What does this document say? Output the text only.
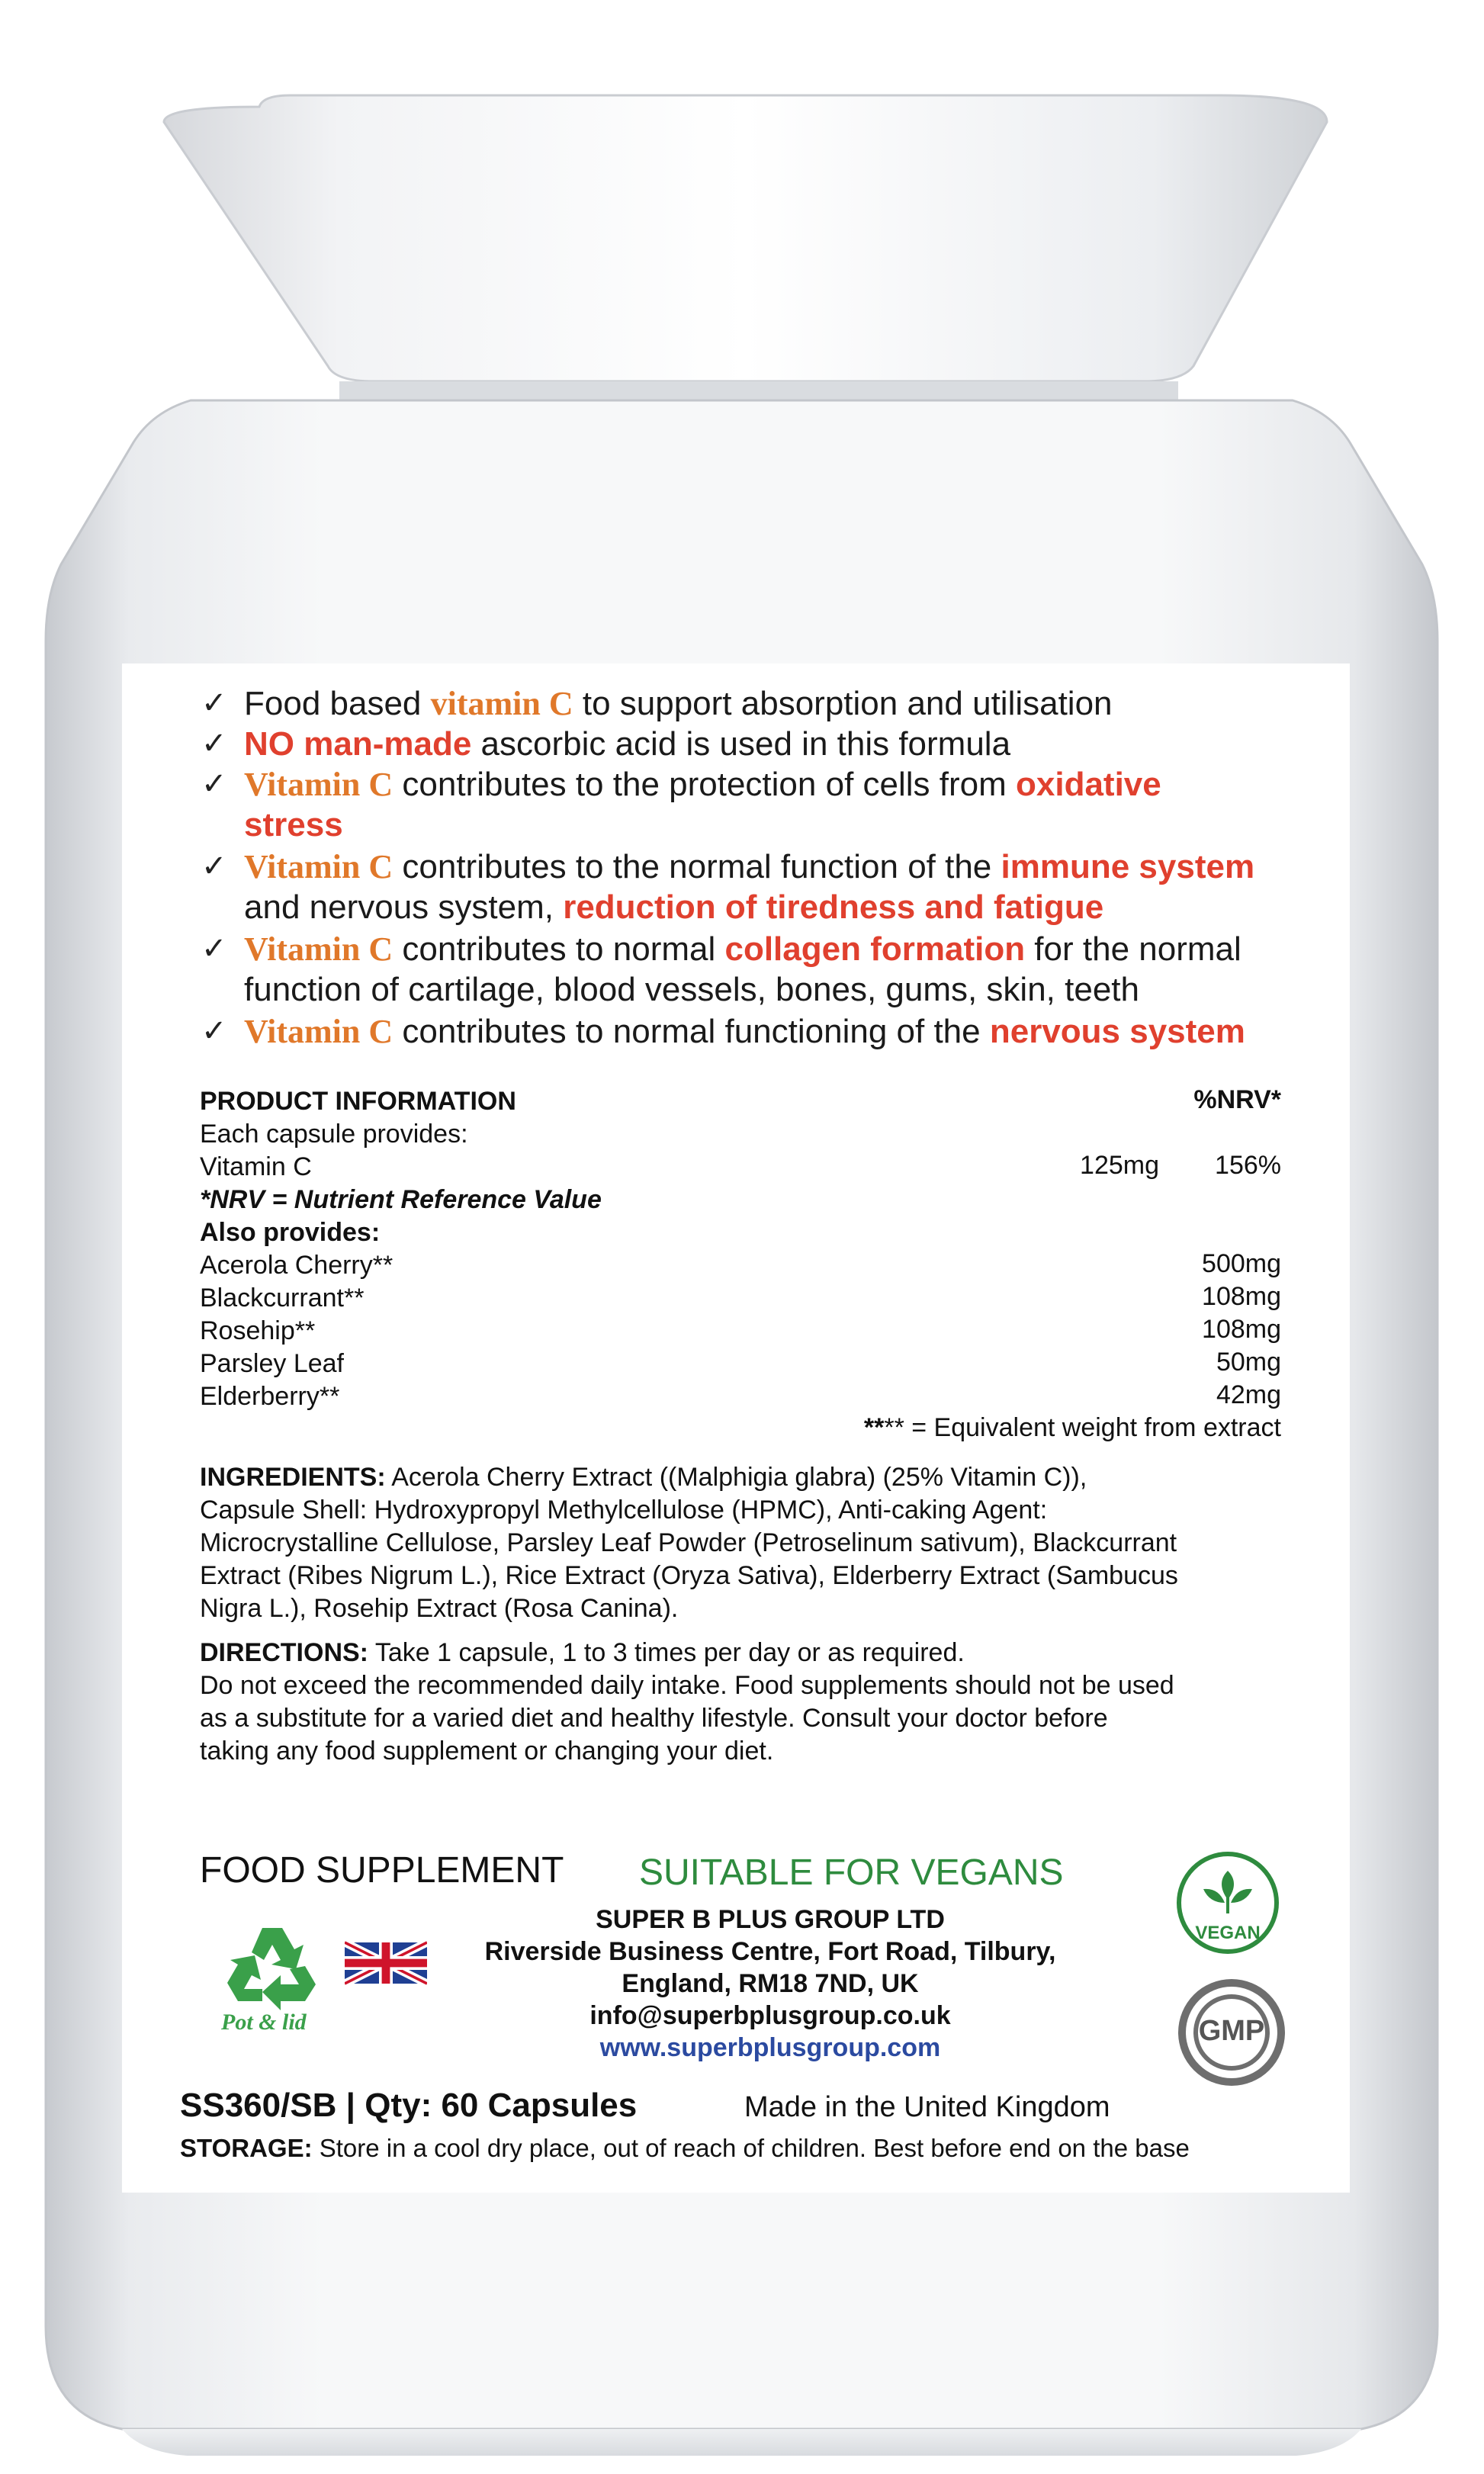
✓ Food based vitamin C to support absorption and utilisation
✓ NO man-made ascorbic acid is used in this formula
✓ Vitamin C contributes to the protection of cells from oxidative
stress
✓ Vitamin C contributes to the normal function of the immune system
and nervous system, reduction of tiredness and fatigue
✓ Vitamin C contributes to normal collagen formation for the normal
function of cartilage, blood vessels, bones, gums, skin, teeth
✓ Vitamin C contributes to normal functioning of the nervous system
PRODUCT INFORMATION	%NRV*
Each capsule provides:
Vitamin C	125mg	156%
*NRV = Nutrient Reference Value
Also provides:
Acerola Cherry**	500mg
Blackcurrant**	108mg
Rosehip**	108mg
Parsley Leaf	50mg
Elderberry**	42mg
**** = Equivalent weight from extract
INGREDIENTS: Acerola Cherry Extract ((Malphigia glabra) (25% Vitamin C)),
Capsule Shell: Hydroxypropyl Methylcellulose (HPMC), Anti-caking Agent:
Microcrystalline Cellulose, Parsley Leaf Powder (Petroselinum sativum), Blackcurrant
Extract (Ribes Nigrum L.), Rice Extract (Oryza Sativa), Elderberry Extract (Sambucus
Nigra L.), Rosehip Extract (Rosa Canina).
DIRECTIONS: Take 1 capsule, 1 to 3 times per day or as required.
Do not exceed the recommended daily intake. Food supplements should not be used
as a substitute for a varied diet and healthy lifestyle. Consult your doctor before
taking any food supplement or changing your diet.
FOOD SUPPLEMENT SUITABLE FOR VEGANS
SUPER B PLUS GROUP LTD
Riverside Business Centre, Fort Road, Tilbury,
England, RM18 7ND, UK
info@superbplusgroup.co.uk
www.superbplusgroup.com
Pot & lid
VEGAN
GMP
SS360/SB | Qty: 60 Capsules	Made in the United Kingdom
STORAGE: Store in a cool dry place, out of reach of children. Best before end on the base
